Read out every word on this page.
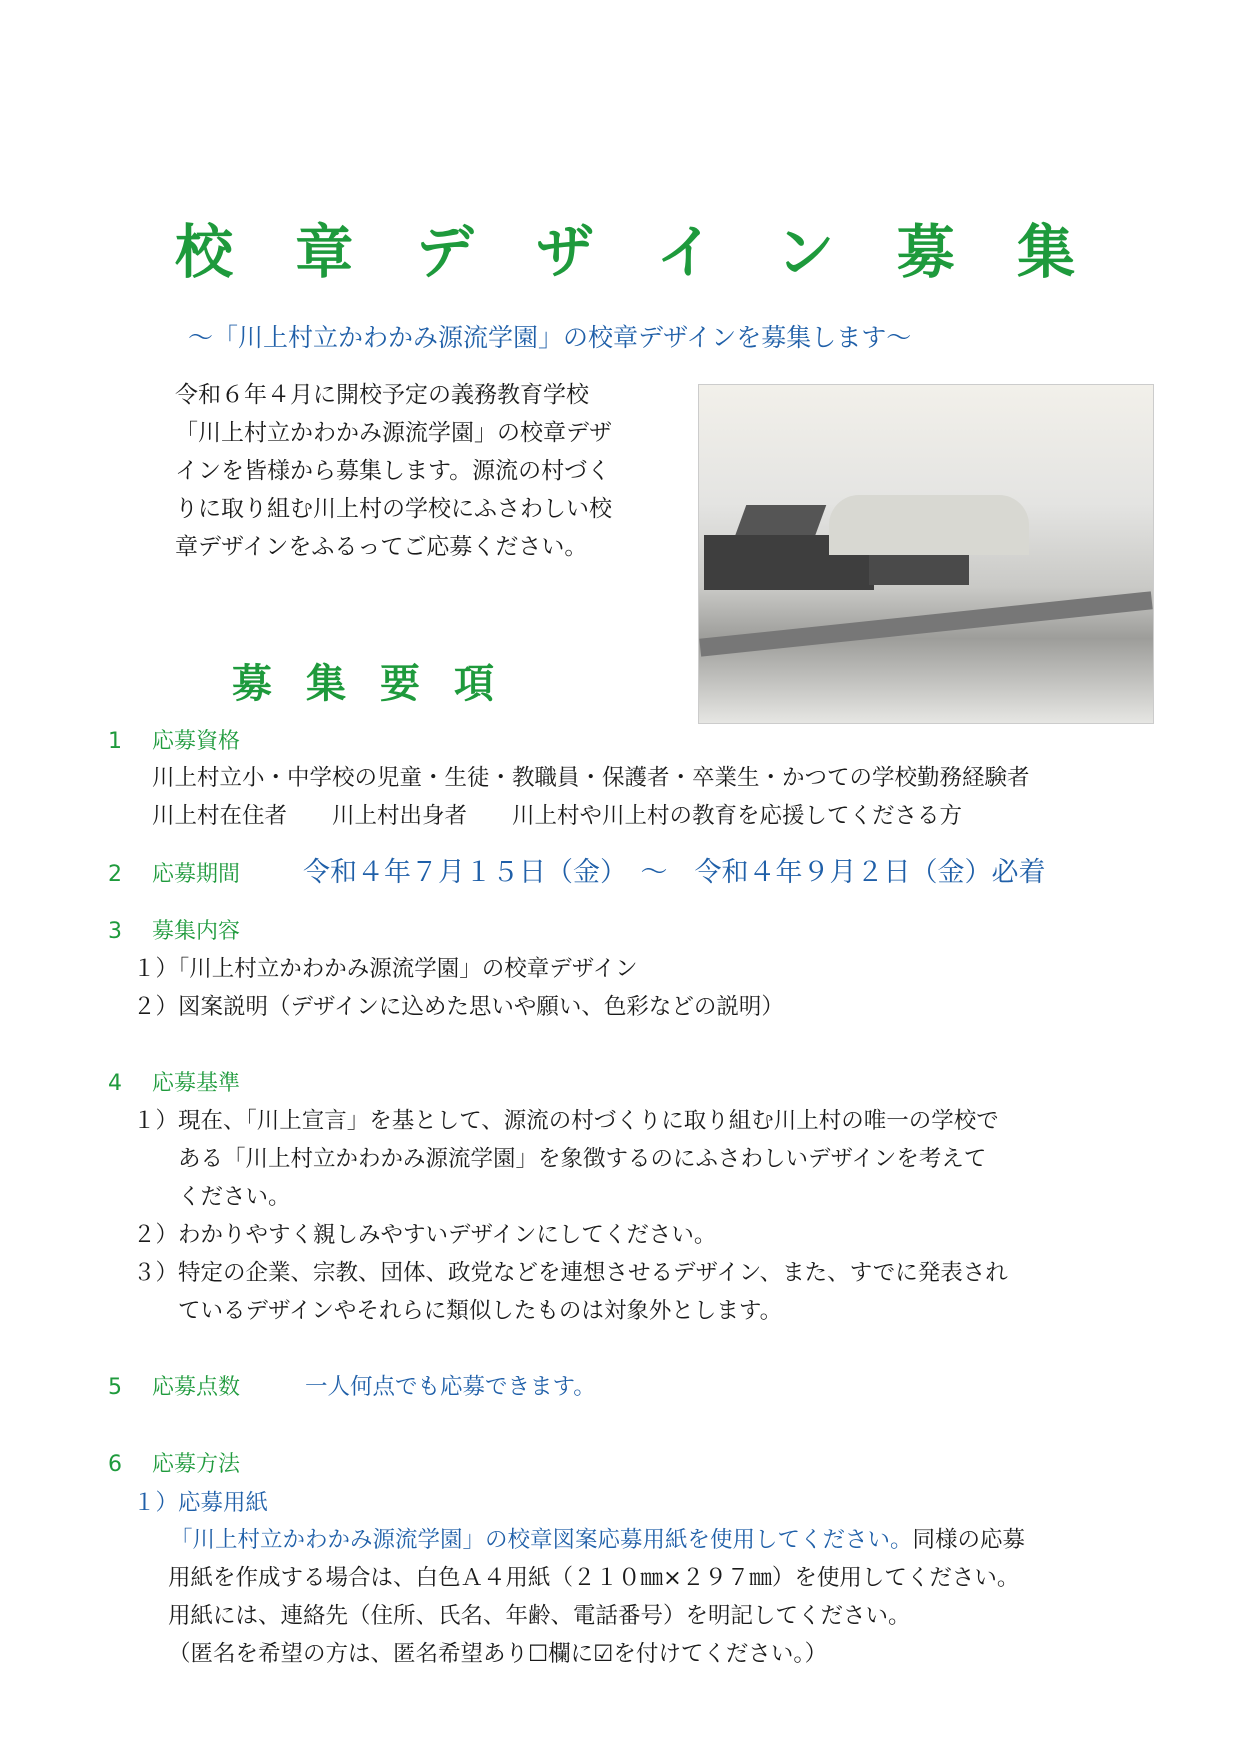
校 章 デ ザ イ ン 募 集
～「川上村立かわかみ源流学園」の校章デザインを募集します～
令和６年４月に開校予定の義務教育学校
「川上村立かわかみ源流学園」の校章デザ
インを皆様から募集します。源流の村づく
りに取り組む川上村の学校にふさわしい校
章デザインをふるってご応募ください。
募集要項
1 応募資格
川上村立小・中学校の児童・生徒・教職員・保護者・卒業生・かつての学校勤務経験者
川上村在住者　　川上村出身者　　川上村や川上村の教育を応援してくださる方
2 応募期間 令和４年７月１５日（金）　～　令和４年９月２日（金）必着
3 募集内容
１）「川上村立かわかみ源流学園」の校章デザイン
２）図案説明（デザインに込めた思いや願い、色彩などの説明）
4 応募基準
１）現在、「川上宣言」を基として、源流の村づくりに取り組む川上村の唯一の学校で
　　ある「川上村立かわかみ源流学園」を象徴するのにふさわしいデザインを考えて
　　ください。
２）わかりやすく親しみやすいデザインにしてください。
３）特定の企業、宗教、団体、政党などを連想させるデザイン、また、すでに発表され
　　ているデザインやそれらに類似したものは対象外とします。
5 応募点数	一人何点でも応募できます。
6 応募方法
１）応募用紙
「川上村立かわかみ源流学園」の校章図案応募用紙を使用してください。同様の応募
用紙を作成する場合は、白色Ａ４用紙（２１０㎜×２９７㎜）を使用してください。
用紙には、連絡先（住所、氏名、年齢、電話番号）を明記してください。
（匿名を希望の方は、匿名希望あり☐欄に☑を付けてください。）
